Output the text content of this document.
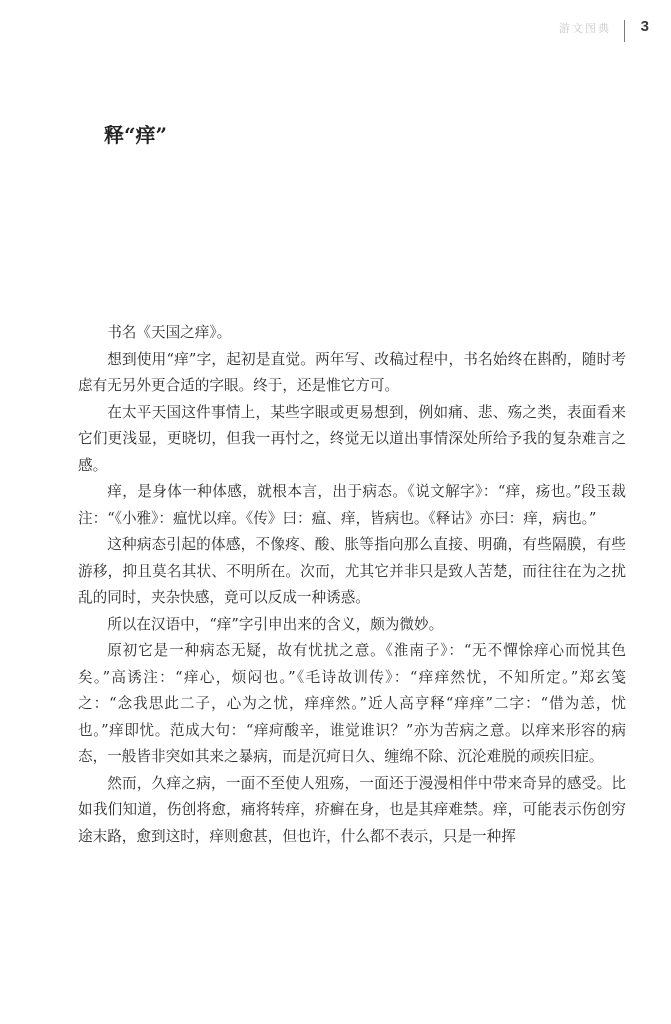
游文图典 3
释“痒”

书名《天国之痒》。

想到使用“痒”字，起初是直觉。两年写、改稿过程中，书名始终在斟酌，随时考虑有无另外更合适的字眼。终于，还是惟它方可。

在太平天国这件事情上，某些字眼或更易想到，例如痛、悲、殇之类，表面看来它们更浅显，更晓切，但我一再忖之，终觉无以道出事情深处所给予我的复杂难言之感。

痒，是身体一种体感，就根本言，出于病态。《说文解字》：“痒，疡也。”段玉裁注：“《小雅》：瘟忧以痒。《传》曰：瘟、痒，皆病也。《释诂》亦曰：痒，病也。”

这种病态引起的体感，不像疼、酸、胀等指向那么直接、明确，有些隔膜，有些游移，抑且莫名其状、不明所在。次而，尤其它并非只是致人苦楚，而往往在为之扰乱的同时，夹杂快感，竟可以反成一种诱惑。

所以在汉语中，“痒”字引申出来的含义，颇为微妙。

原初它是一种病态无疑，故有忧扰之意。《淮南子》：“无不憚悇痒心而悦其色矣。”高诱注：“痒心，烦闷也。”《毛诗故训传》：“痒痒然忧，不知所定。”郑玄笺之：“念我思此二子，心为之忧，痒痒然。”近人高亨释“痒痒”二字：“借为恙，忧也。”痒即忧。范成大句：“痒疴酸辛，谁觉谁识？”亦为苦病之意。以痒来形容的病态，一般皆非突如其来之暴病，而是沉疴日久、缠绵不除、沉沦难脱的顽疾旧症。

然而，久痒之病，一面不至使人殂殇，一面还于漫漫相伴中带来奇异的感受。比如我们知道，伤创将愈，痛将转痒，疥癣在身，也是其痒难禁。痒，可能表示伤创穷途末路，愈到这时，痒则愈甚，但也许，什么都不表示，只是一种挥
